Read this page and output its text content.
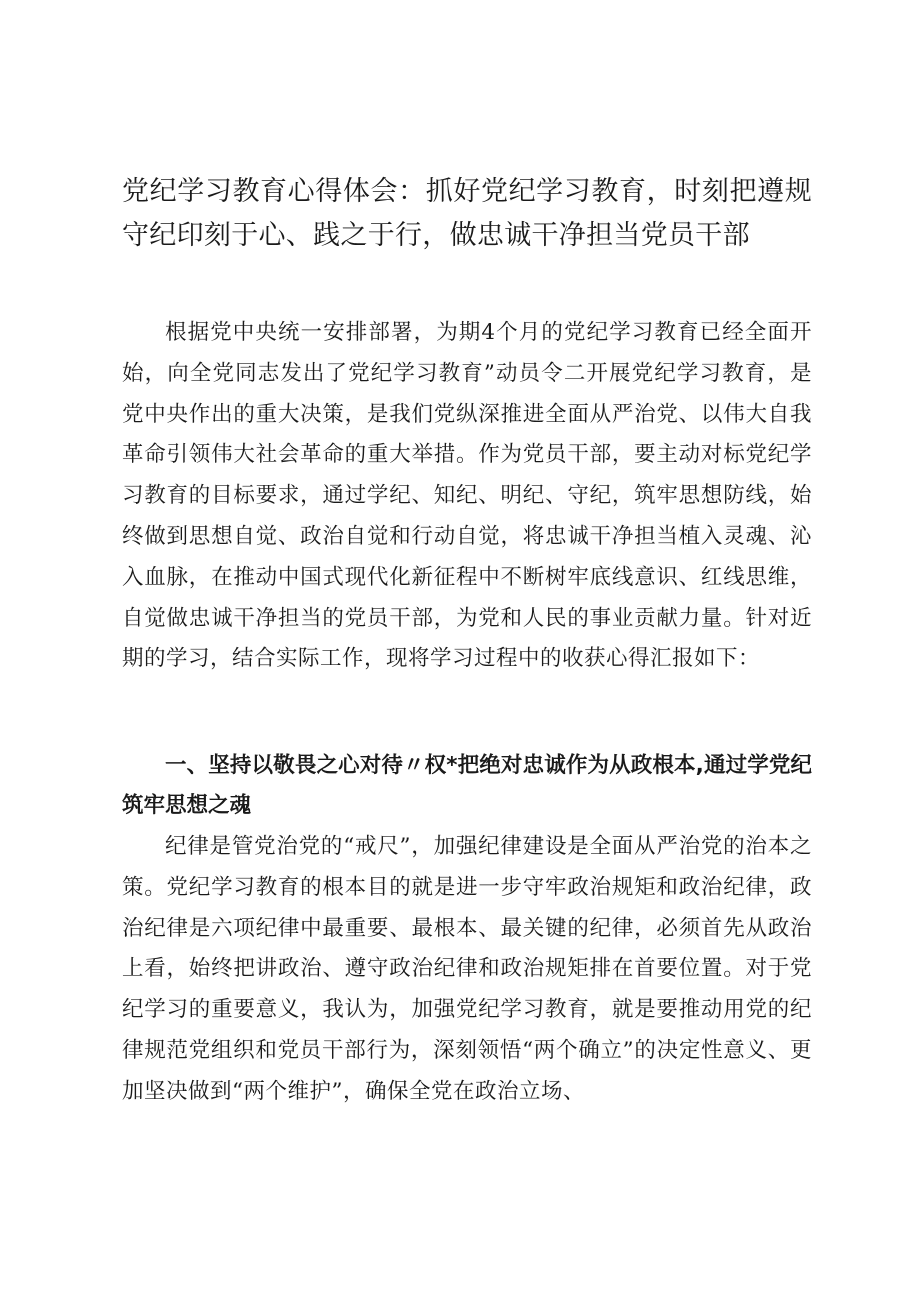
党纪学习教育心得体会：抓好党纪学习教育，时刻把遵规守纪印刻于心、践之于行，做忠诚干净担当党员干部

根据党中央统一安排部署，为期4个月的党纪学习教育已经全面开始，向全党同志发出了党纪学习教育”动员令二开展党纪学习教育，是党中央作出的重大决策，是我们党纵深推进全面从严治党、以伟大自我革命引领伟大社会革命的重大举措。作为党员干部，要主动对标党纪学习教育的目标要求，通过学纪、知纪、明纪、守纪，筑牢思想防线，始终做到思想自觉、政治自觉和行动自觉，将忠诚干净担当植入灵魂、沁入血脉，在推动中国式现代化新征程中不断树牢底线意识、红线思维，自觉做忠诚干净担当的党员干部，为党和人民的事业贡献力量。针对近期的学习，结合实际工作，现将学习过程中的收获心得汇报如下：

一、坚持以敬畏之心对待〃权*把绝对忠诚作为从政根本,通过学党纪筑牢思想之魂

纪律是管党治党的“戒尺”，加强纪律建设是全面从严治党的治本之策。党纪学习教育的根本目的就是进一步守牢政治规矩和政治纪律，政治纪律是六项纪律中最重要、最根本、最关键的纪律，必须首先从政治上看，始终把讲政治、遵守政治纪律和政治规矩排在首要位置。对于党纪学习的重要意义，我认为，加强党纪学习教育，就是要推动用党的纪律规范党组织和党员干部行为，深刻领悟“两个确立”的决定性意义、更加坚决做到“两个维护”，确保全党在政治立场、
